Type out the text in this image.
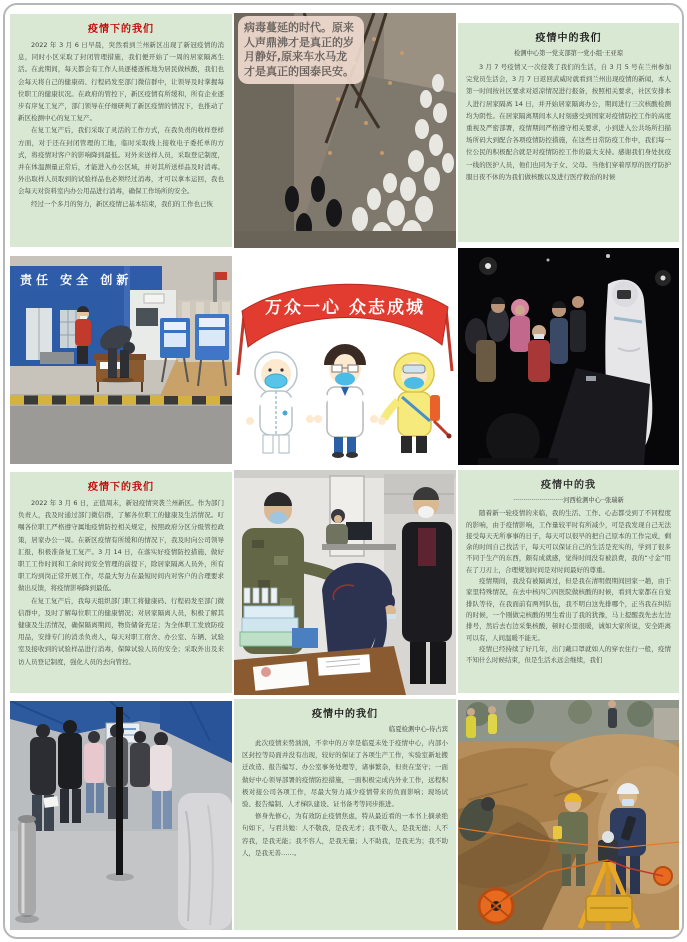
疫情下的我们

2022 年 3 月 6 日早晨，突然看到兰州新区出现了新冠疫情的消息，同时小区采取了封闭管理措施，我们便开始了一周的居家隔离生活。在此期间，每天都会有工作人员逐楼逐栋地为居民做核酸，我们也会每天将自己的健康码、行程码发至部门微信群中，让领导及时掌握每位职工的健康状况。在政府的管控下，新区疫情有所缓和，所有企业逐步有序复工复产，部门领导在仔细研判了新区疫情的情况下，也推动了新区检测中心的复工复产。

在复工复产后，我们采取了灵活的工作方式，在我负责的收样登样方面，对于还在封闭管理的工地，临时采取线上接收电子委托单的方式，将疫情对客户的影响降到最低。对外来送样人员，采取登记制度，并在体温测量正常后，才能进入办公区域，并对其所送样品及时消毒。外出取样人员取到的试验样品也必须经过消毒，才可以拿本运回，我也会每天对资料室内办公用品进行消毒，确保工作场所的安全。

经过一个多月的努力，新区疫情已基本结束，我们的工作也已恢

责任 安全 创新
疫情下的我们

2022 年 3 月 6 日，正值周末，新冠疫情突袭兰州新区。作为部门负责人，我及时通过部门微信群，了解各位职工的健康及生活情况。叮嘱各位职工严格遵守属地疫情防控相关规定，按照政府分区分级管控政策，居家办公一周。在新区疫情有所缓和的情况下，我及时向公司领导汇报，积极准备复工复产。3 月 14 日，在落实好疫情防控措施、做好职工工作时间和工余时间安全管理的前提下，除居家隔离人员外，所有职工均到岗正常开展工作，尽最大努力在最短时间内对客户的合理要求做出反馈，将疫情影响降到最低。

在复工复产后，我每天组织部门职工将健康码、行程码发至部门微信群中，及时了解每位职工的健康情况；对居家隔离人员，积极了解其健康及生活情况，确保隔离期间，物资储备充足；为全体职工发放防疫用品，安排专门的消杀负责人，每天对职工宿舍、办公室、车辆、试验室及接收到的试验样品进行消毒，保障试验人员的安全；采取外出及来访人员登记制度，强化人员的去向管控。

病毒蔓延的时代。原来人声鼎沸才是真正的岁月静好,原来车水马龙才是真正的国泰民安。
万众一心 众志成城
疫情中的我们

临夏检测中心-侍占宾

此次疫情来势汹汹，不幸中的万幸是临夏未处于疫情中心，内部小区封控等局面并没有出现，较好的保证了各项生产工作，实验室新址搬迁改造、报告编写、办公室事务处理等，诸事繁杂，但贵在坚守；一面做好中心领导部署的疫情防控措施，一面积极完成内外业工作，远程积极对接公司各项工作，尽最大努力减少疫情带来的负面影响；现场试验、报告编制、人才梯队建设、证书备考等同步推进。

修身先修心，为有效防止疫情焦虑，特从最近看的一本书上摘录绝句如下，与君共勉：人不敬我，是我无才；我不敬人，是我无德；人不容我，是我无能；我不容人，是我无量；人不助我，是我无为；我不助人，是我无善……。

疫情中的我们

检测中心第一党支部第一党小组·王亚琼

3 月 7 号疫情又一次侵袭了我们的生活，自 3 月 5 号在兰州参加完党员生活会，3 月 7 日返回武威时就看到兰州出现疫情的新闻，本人第一时间按社区要求对返凉情况进行报备，按照相关要求，社区安排本人进行居家隔离 14 日，并开始居家隔离办公，期间进行三次核酸检测均为阴性。在居家隔离期间本人时刻感受到国家对疫情防控工作的高度重视及严密部署，疫情期间严格遵守相关要求，小到进入公共场所扫描场所码大到配合各项疫情防控措施，在这些日常防疫工作中，我们每一位公民的积极配合就是对疫情防控工作的最大支持。感谢我们身处抗疫一线的医护人员，他们也同为子女、父母。当他们穿着厚厚的医疗防护服日夜不休的为我们做核酸以及进行医疗救治的时候

疫情中的我

·························河西检测中心··张瑞新

随着新一轮疫情的来临，我的生活、工作、心态都受到了不同程度的影响，由于疫情影响，工作量较平时有所减少，可是我发现自己无法接受每天无所事事的日子，每天可以很早的把自己原本的工作完成，剩余的时间自己找活干，每天可以保证自己的生活是充实的，学到了很多不同于生产的东西，颇有成就感，觉得时间没有被浪费，我的“寸金”用在了刀刃上，合理规划时间是对时间最好的尊重。

疫情期间，我没有被隔离过，但是我在清明假期间回家一趟，由于家里特殊情况，在去中核四〇四医院做核酸的时候，看到大家都在自觉排队等待，在我面前有两列队伍，我不明白这先排哪个，正当我在纠结的时候，一个刚做完核酸的男生看出了我的犹豫，马上提醒我先去左边排号，然后去右边采集核酸，顿时心里很暖，诚如大家所说，安全距离可以有，人间温暖不能无。

疫情已经持续了好几年，出门戴口罩就如人的穿衣住行一般，疫情不知什么时候结束，但是生活永远会继续，我们
